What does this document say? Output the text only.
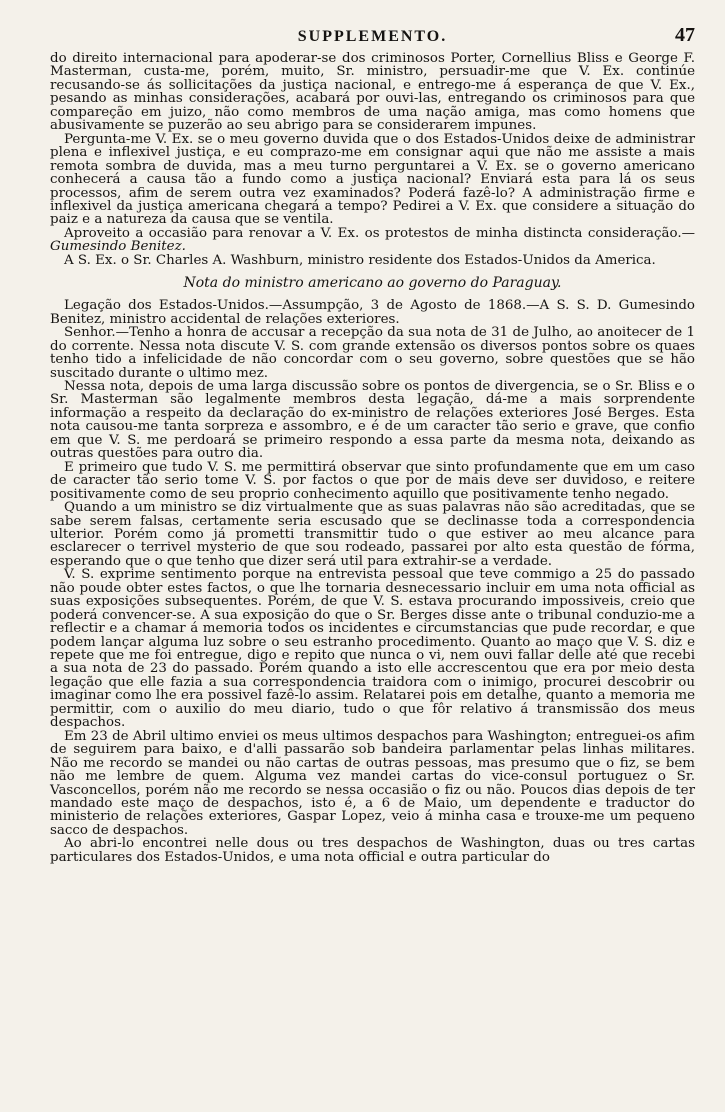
SUPPLEMENTO.	47

do direito internacional para apoderar-se dos criminosos Porter, Cornellius Bliss e George F. Masterman, custa-me, porém, muito, Sr. ministro, persuadir-me que V. Ex. continúe recusando-se ás sollicitações da justiça nacional, e entrego-me á esperança de que V. Ex., pesando as minhas considerações, acabará por ouvi-las, entregando os criminosos para que compareção em juizo, não como membros de uma nação amiga, mas como homens que abusivamente se puzerão ao seu abrigo para se considerarem impunes.

Pergunta-me V. Ex. se o meu governo duvida que o dos Estados-Unidos deixe de administrar plena e inflexivel justiça, e eu comprazo-me em consignar aqui que não me assiste a mais remota sombra de duvida, mas a meu turno perguntarei a V. Ex. se o governo americano conhecerá a causa tão a fundo como a justiça nacional? Enviará esta para lá os seus processos, afim de serem outra vez examinados? Poderá fazê-lo? A administração firme e inflexivel da justiça americana chegará a tempo? Pedirei a V. Ex. que considere a situação do paiz e a natureza da causa que se ventila.

Aproveito a occasião para renovar a V. Ex. os protestos de minha distincta consideração.—Gumesindo Benitez.

A S. Ex. o Sr. Charles A. Washburn, ministro residente dos Estados-Unidos da America.

Nota do ministro americano ao governo do Paraguay.

Legação dos Estados-Unidos.—Assumpção, 3 de Agosto de 1868.—A S. S. D. Gumesindo Benitez, ministro accidental de relações exteriores.

Senhor.—Tenho a honra de accusar a recepção da sua nota de 31 de Julho, ao anoitecer de 1 do corrente. Nessa nota discute V. S. com grande extensão os diversos pontos sobre os quaes tenho tido a infelicidade de não concordar com o seu governo, sobre questões que se hão suscitado durante o ultimo mez.

Nessa nota, depois de uma larga discussão sobre os pontos de divergencia, se o Sr. Bliss e o Sr. Masterman são legalmente membros desta legação, dá-me a mais sorprendente informação a respeito da declaração do ex-ministro de relações exteriores José Berges. Esta nota causou-me tanta sorpreza e assombro, e é de um caracter tão serio e grave, que confio em que V. S. me perdoará se primeiro respondo a essa parte da mesma nota, deixando as outras questões para outro dia.

E primeiro que tudo V. S. me permittirá observar que sinto profundamente que em um caso de caracter tão serio tome V. S. por factos o que por de mais deve ser duvidoso, e reitere positivamente como de seu proprio conhecimento aquillo que positivamente tenho negado.

Quando a um ministro se diz virtualmente que as suas palavras não são acreditadas, que se sabe serem falsas, certamente seria escusado que se declinasse toda a correspondencia ulterior. Porém como já prometti transmittir tudo o que estiver ao meu alcance para esclarecer o terrivel mysterio de que sou rodeado, passarei por alto esta questão de fórma, esperando que o que tenho que dizer será util para extrahir-se a verdade.

V. S. exprime sentimento porque na entrevista pessoal que teve commigo a 25 do passado não poude obter estes factos, o que lhe tornaria desnecessario incluir em uma nota official as suas exposições subsequentes. Porém, de que V. S. estava procurando impossiveis, creio que poderá convencer-se. A sua exposição do que o Sr. Berges disse ante o tribunal conduzio-me a reflectir e a chamar á memoria todos os incidentes e circumstancias que pude recordar, e que podem lançar alguma luz sobre o seu estranho procedimento. Quanto ao maço que V. S. diz e repete que me foi entregue, digo e repito que nunca o vi, nem ouvi fallar delle até que recebi a sua nota de 23 do passado. Porém quando a isto elle accrescentou que era por meio desta legação que elle fazia a sua correspondencia traidora com o inimigo, procurei descobrir ou imaginar como lhe era possivel fazê-lo assim. Relatarei pois em detalhe, quanto a memoria me permittir, com o auxilio do meu diario, tudo o que fôr relativo á transmissão dos meus despachos.

Em 23 de Abril ultimo enviei os meus ultimos despachos para Washington; entreguei-os afim de seguirem para baixo, e d'alli passarão sob bandeira parlamentar pelas linhas militares. Não me recordo se mandei ou não cartas de outras pessoas, mas presumo que o fiz, se bem não me lembre de quem. Alguma vez mandei cartas do vice-consul portuguez o Sr. Vasconcellos, porém não me recordo se nessa occasião o fiz ou não. Poucos dias depois de ter mandado este maço de despachos, isto é, a 6 de Maio, um dependente e traductor do ministerio de relações exteriores, Gaspar Lopez, veio á minha casa e trouxe-me um pequeno sacco de despachos.

Ao abri-lo encontrei nelle dous ou tres despachos de Washington, duas ou tres cartas particulares dos Estados-Unidos, e uma nota official e outra particular do
